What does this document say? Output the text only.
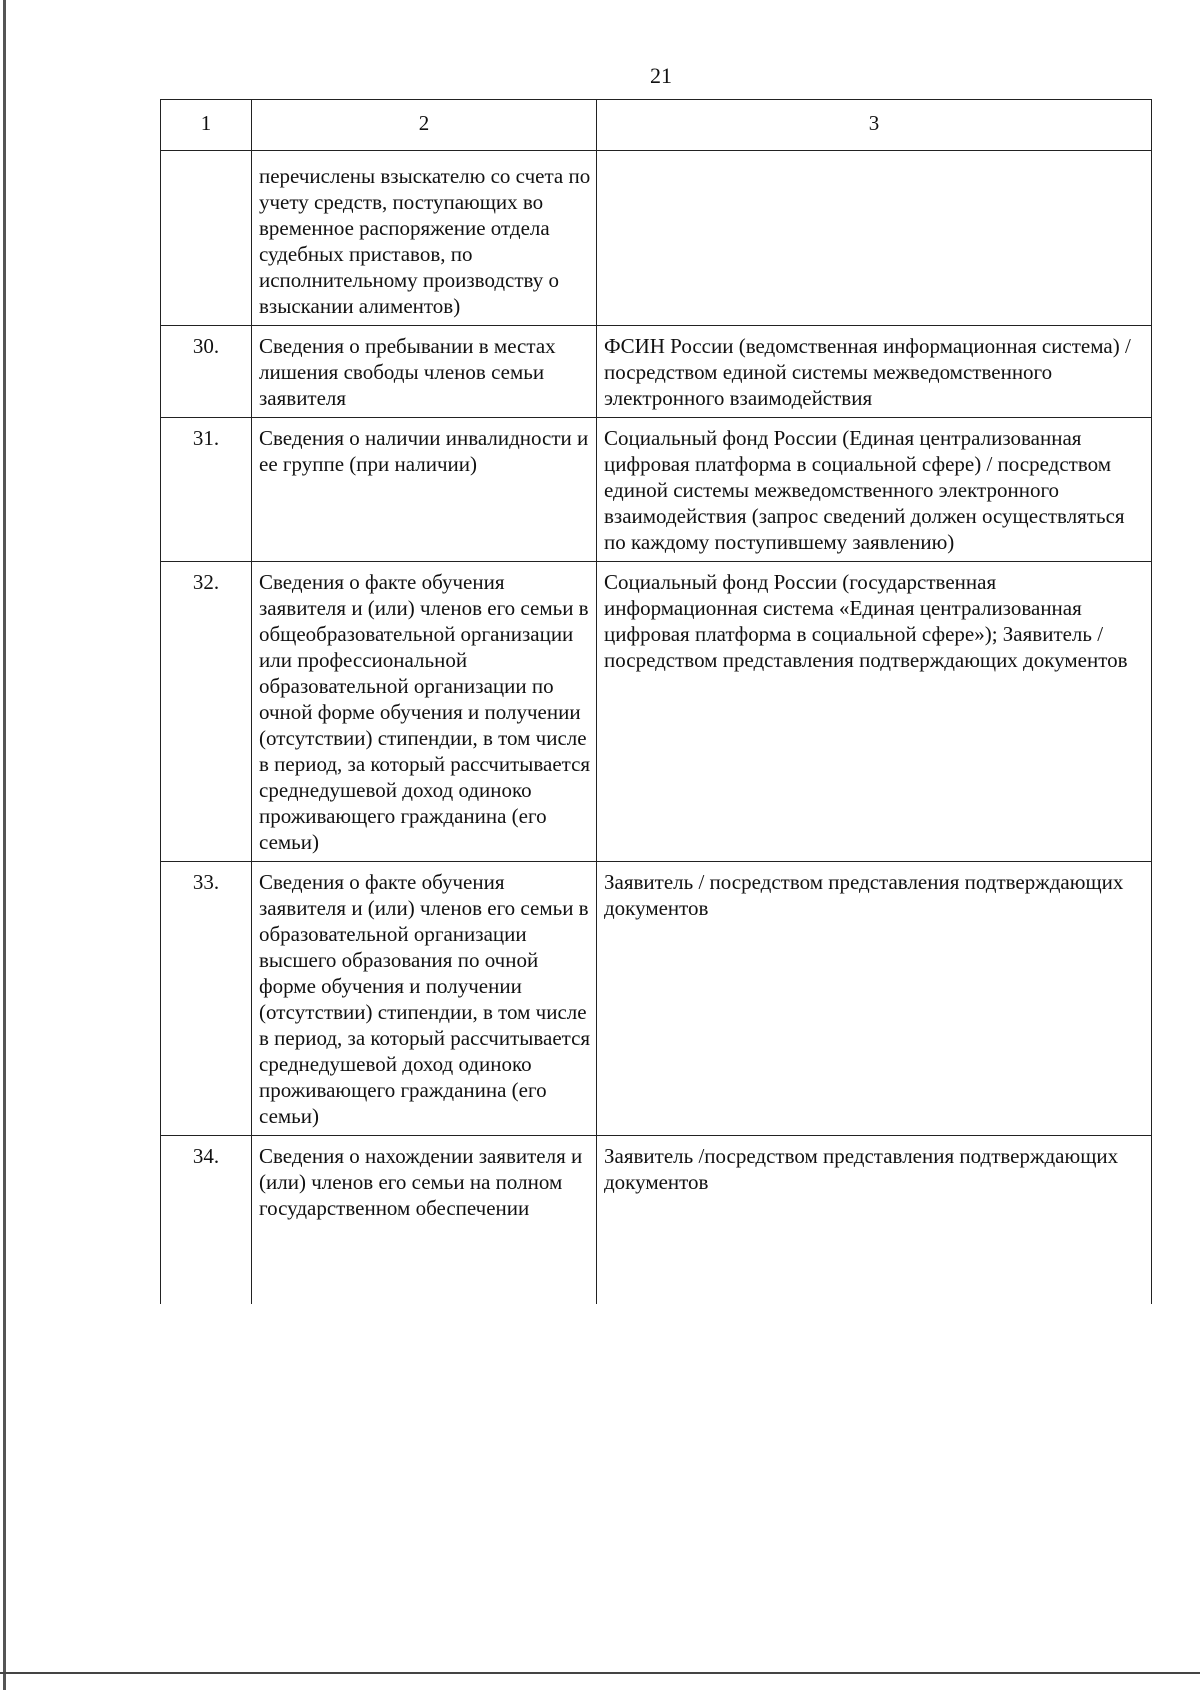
21
1	2	3
	перечислены взыскателю со счета по учету средств, поступающих во временное распоряжение отдела судебных приставов, по исполнительному производству о взыскании алиментов)	
30.	Сведения о пребывании в местах лишения свободы членов семьи заявителя	ФСИН России (ведомственная информационная система) / посредством единой системы межведомственного электронного взаимодействия
31.	Сведения о наличии инвалидности и ее группе (при наличии)	Социальный фонд России (Единая централизованная цифровая платформа в социальной сфере) / посредством единой системы межведомственного электронного взаимодействия (запрос сведений должен осуществляться по каждому поступившему заявлению)
32.	Сведения о факте обучения заявителя и (или) членов его семьи в общеобразовательной организации или профессиональной образовательной организации по очной форме обучения и получении (отсутствии) стипендии, в том числе в период, за который рассчитывается среднедушевой доход одиноко проживающего гражданина (его семьи)	Социальный фонд России (государственная информационная система «Единая централизованная цифровая платформа в социальной сфере»); Заявитель / посредством представления подтверждающих документов
33.	Сведения о факте обучения заявителя и (или) членов его семьи в образовательной организации высшего образования по очной форме обучения и получении (отсутствии) стипендии, в том числе в период, за который рассчитывается среднедушевой доход одиноко проживающего гражданина (его семьи)	Заявитель / посредством представления подтверждающих документов
34.	Сведения о нахождении заявителя и (или) членов его семьи на полном государственном обеспечении	Заявитель /посредством представления подтверждающих документов
